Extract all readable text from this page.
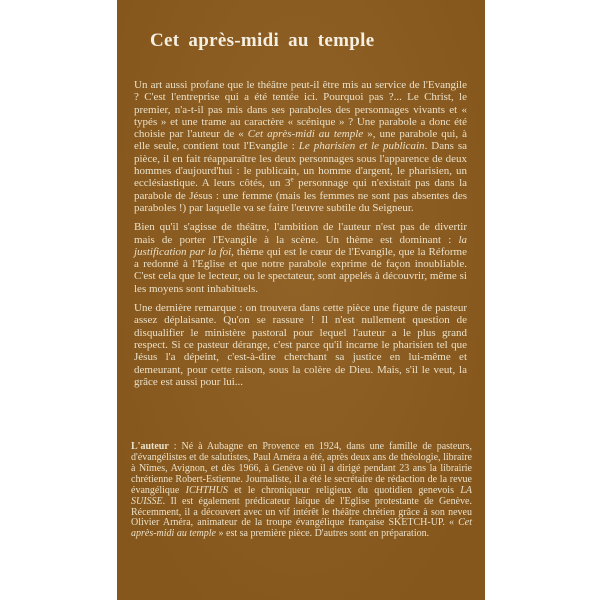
Cet après-midi au temple

Un art aussi profane que le théâtre peut-il être mis au service de l'Evangile ? C'est l'entreprise qui a été tentée ici. Pourquoi pas ?... Le Christ, le premier, n'a-t-il pas mis dans ses paraboles des personnages vivants et « typés » et une trame au caractère « scénique » ? Une parabole a donc été choisie par l'auteur de « Cet après-midi au temple », une parabole qui, à elle seule, contient tout l'Evangile : Le pharisien et le publicain. Dans sa pièce, il en fait réapparaître les deux personnages sous l'apparence de deux hommes d'aujourd'hui : le publicain, un homme d'argent, le pharisien, un ecclésiastique. A leurs côtés, un 3e personnage qui n'existait pas dans la parabole de Jésus : une femme (mais les femmes ne sont pas absentes des paraboles !) par laquelle va se faire l'œuvre subtile du Seigneur.

Bien qu'il s'agisse de théâtre, l'ambition de l'auteur n'est pas de divertir mais de porter l'Evangile à la scène. Un thème est dominant : la justification par la foi, thème qui est le cœur de l'Evangile, que la Réforme a redonné à l'Eglise et que notre parabole exprime de façon inoubliable. C'est cela que le lecteur, ou le spectateur, sont appelés à découvrir, même si les moyens sont inhabituels.

Une dernière remarque : on trouvera dans cette pièce une figure de pasteur assez déplaisante. Qu'on se rassure ! Il n'est nullement question de disqualifier le ministère pastoral pour lequel l'auteur a le plus grand respect. Si ce pasteur dérange, c'est parce qu'il incarne le pharisien tel que Jésus l'a dépeint, c'est-à-dire cherchant sa justice en lui-même et demeurant, pour cette raison, sous la colère de Dieu. Mais, s'il le veut, la grâce est aussi pour lui...

L'auteur : Né à Aubagne en Provence en 1924, dans une famille de pasteurs, d'évangélistes et de salutistes, Paul Arnéra a été, après deux ans de théologie, libraire à Nîmes, Avignon, et dès 1966, à Genève où il a dirigé pendant 23 ans la librairie chrétienne Robert-Estienne. Journaliste, il a été le secrétaire de rédaction de la revue évangélique ICHTHUS et le chroniqueur religieux du quotidien genevois LA SUISSE. Il est également prédicateur laïque de l'Eglise protestante de Genève. Récemment, il a découvert avec un vif intérêt le théâtre chrétien grâce à son neveu Olivier Arnéra, animateur de la troupe évangélique française SKETCH-UP. « Cet après-midi au temple » est sa première pièce. D'autres sont en préparation.
